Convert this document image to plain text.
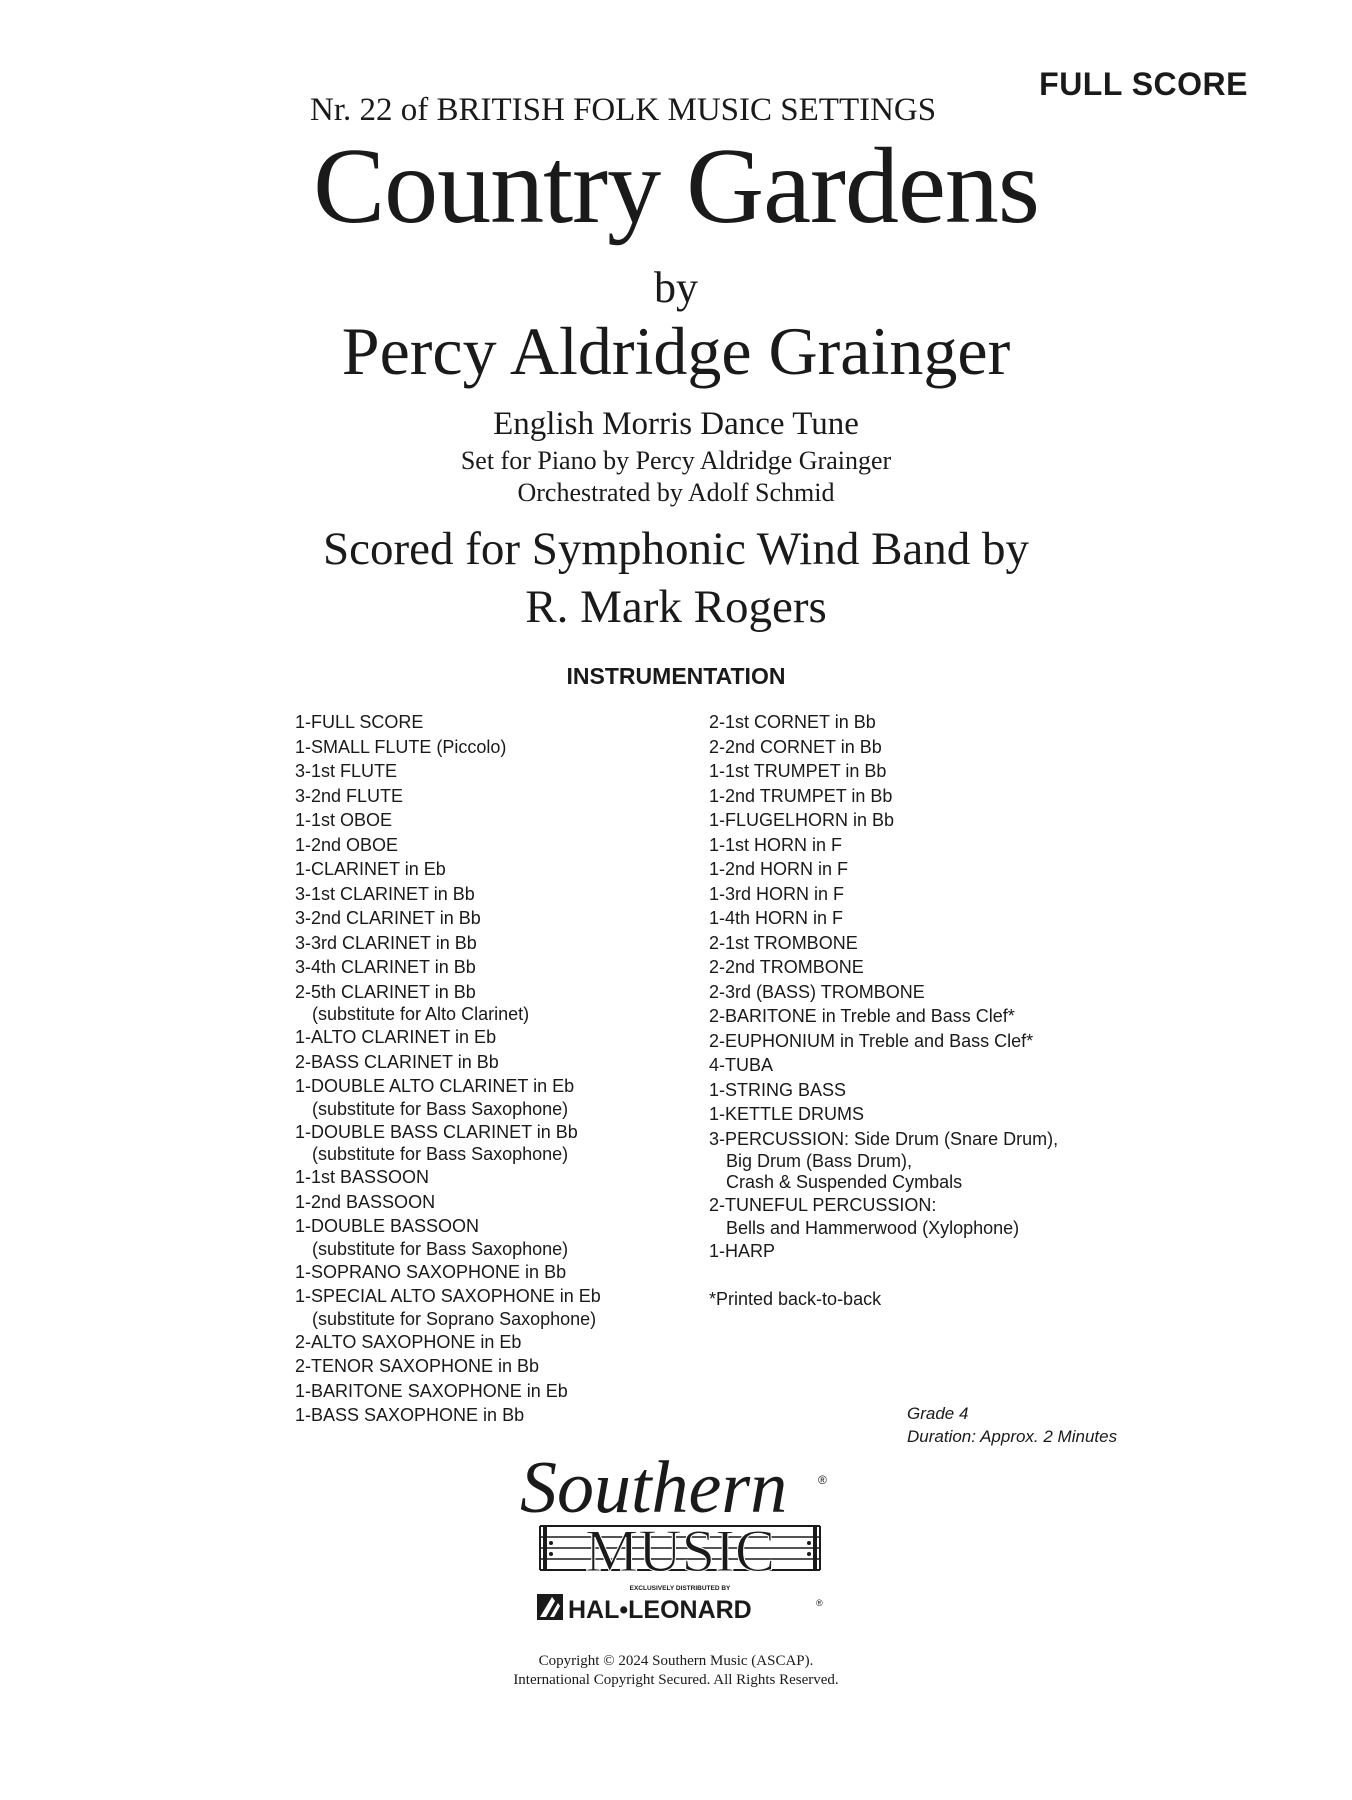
FULL SCORE
Nr. 22 of BRITISH FOLK MUSIC SETTINGS
Country Gardens
by
Percy Aldridge Grainger
English Morris Dance Tune
Set for Piano by Percy Aldridge Grainger
Orchestrated by Adolf Schmid
Scored for Symphonic Wind Band by
R. Mark Rogers
INSTRUMENTATION
1-FULL SCORE
1-SMALL FLUTE (Piccolo)
3-1st FLUTE
3-2nd FLUTE
1-1st OBOE
1-2nd OBOE
1-CLARINET in Eb
3-1st CLARINET in Bb
3-2nd CLARINET in Bb
3-3rd CLARINET in Bb
3-4th CLARINET in Bb
2-5th CLARINET in Bb
(substitute for Alto Clarinet)
1-ALTO CLARINET in Eb
2-BASS CLARINET in Bb
1-DOUBLE ALTO CLARINET in Eb
(substitute for Bass Saxophone)
1-DOUBLE BASS CLARINET in Bb
(substitute for Bass Saxophone)
1-1st BASSOON
1-2nd BASSOON
1-DOUBLE BASSOON
(substitute for Bass Saxophone)
1-SOPRANO SAXOPHONE in Bb
1-SPECIAL ALTO SAXOPHONE in Eb
(substitute for Soprano Saxophone)
2-ALTO SAXOPHONE in Eb
2-TENOR SAXOPHONE in Bb
1-BARITONE SAXOPHONE in Eb
1-BASS SAXOPHONE in Bb
2-1st CORNET in Bb
2-2nd CORNET in Bb
1-1st TRUMPET in Bb
1-2nd TRUMPET in Bb
1-FLUGELHORN in Bb
1-1st HORN in F
1-2nd HORN in F
1-3rd HORN in F
1-4th HORN in F
2-1st TROMBONE
2-2nd TROMBONE
2-3rd (BASS) TROMBONE
2-BARITONE in Treble and Bass Clef*
2-EUPHONIUM in Treble and Bass Clef*
4-TUBA
1-STRING BASS
1-KETTLE DRUMS
3-PERCUSSION: Side Drum (Snare Drum),
Big Drum (Bass Drum),
Crash & Suspended Cymbals
2-TUNEFUL PERCUSSION:
Bells and Hammerwood (Xylophone)
1-HARP
*Printed back-to-back
Grade 4
Duration: Approx. 2 Minutes
Southern	®
MUSIC
EXCLUSIVELY DISTRIBUTED BY
HAL•LEONARD	®
Copyright © 2024 Southern Music (ASCAP).
International Copyright Secured. All Rights Reserved.
